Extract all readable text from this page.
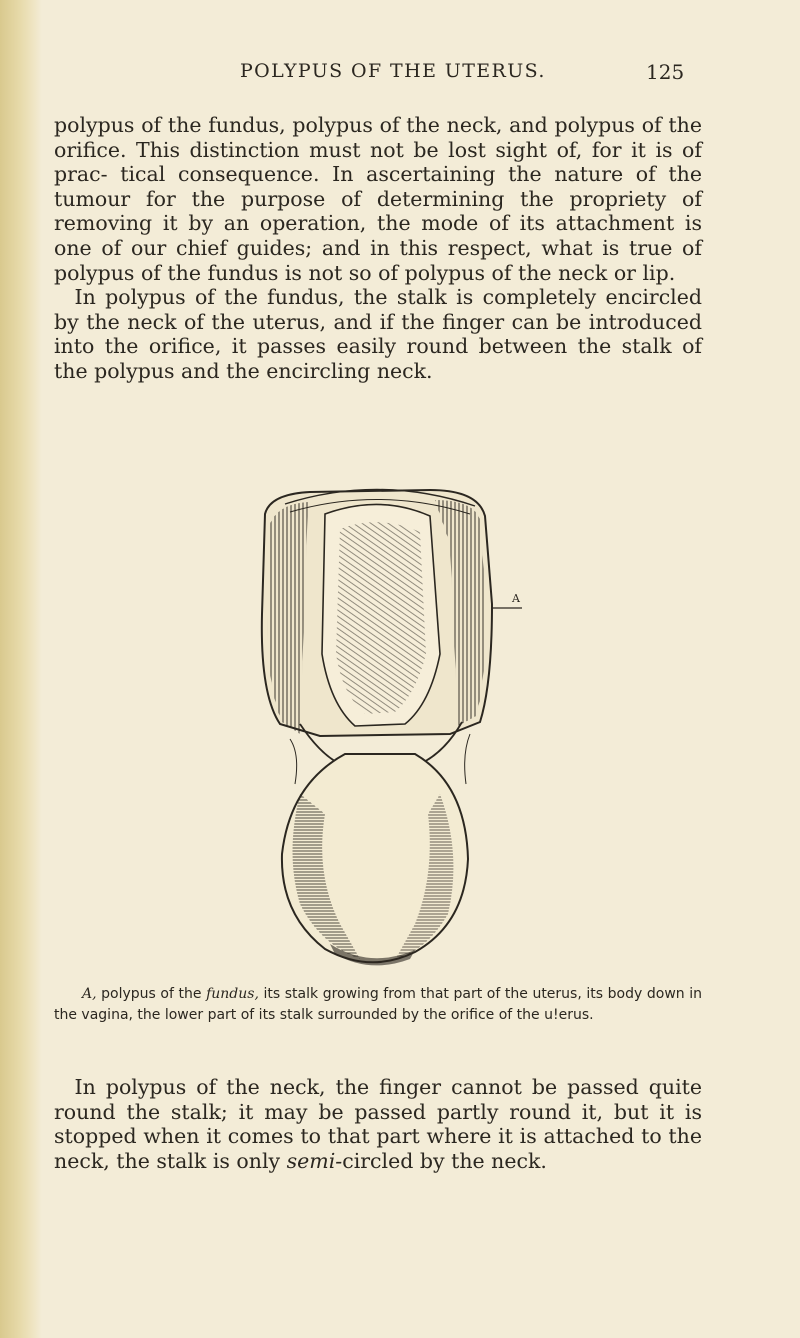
POLYPUS OF THE UTERUS.	125

polypus of the fundus, polypus of the neck, and polypus of the orifice. This distinction must not be lost sight of, for it is of prac- tical consequence. In ascertaining the nature of the tumour for the purpose of determining the propriety of removing it by an operation, the mode of its attachment is one of our chief guides; and in this respect, what is true of polypus of the fundus is not so of polypus of the neck or lip.

In polypus of the fundus, the stalk is completely encircled by the neck of the uterus, and if the finger can be introduced into the orifice, it passes easily round between the stalk of the polypus and the encircling neck.

A

A, polypus of the fundus, its stalk growing from that part of the uterus, its body down in the vagina, the lower part of its stalk surrounded by the orifice of the u!erus.

In polypus of the neck, the finger cannot be passed quite round the stalk; it may be passed partly round it, but it is stopped when it comes to that part where it is attached to the neck, the stalk is only semi-circled by the neck.
